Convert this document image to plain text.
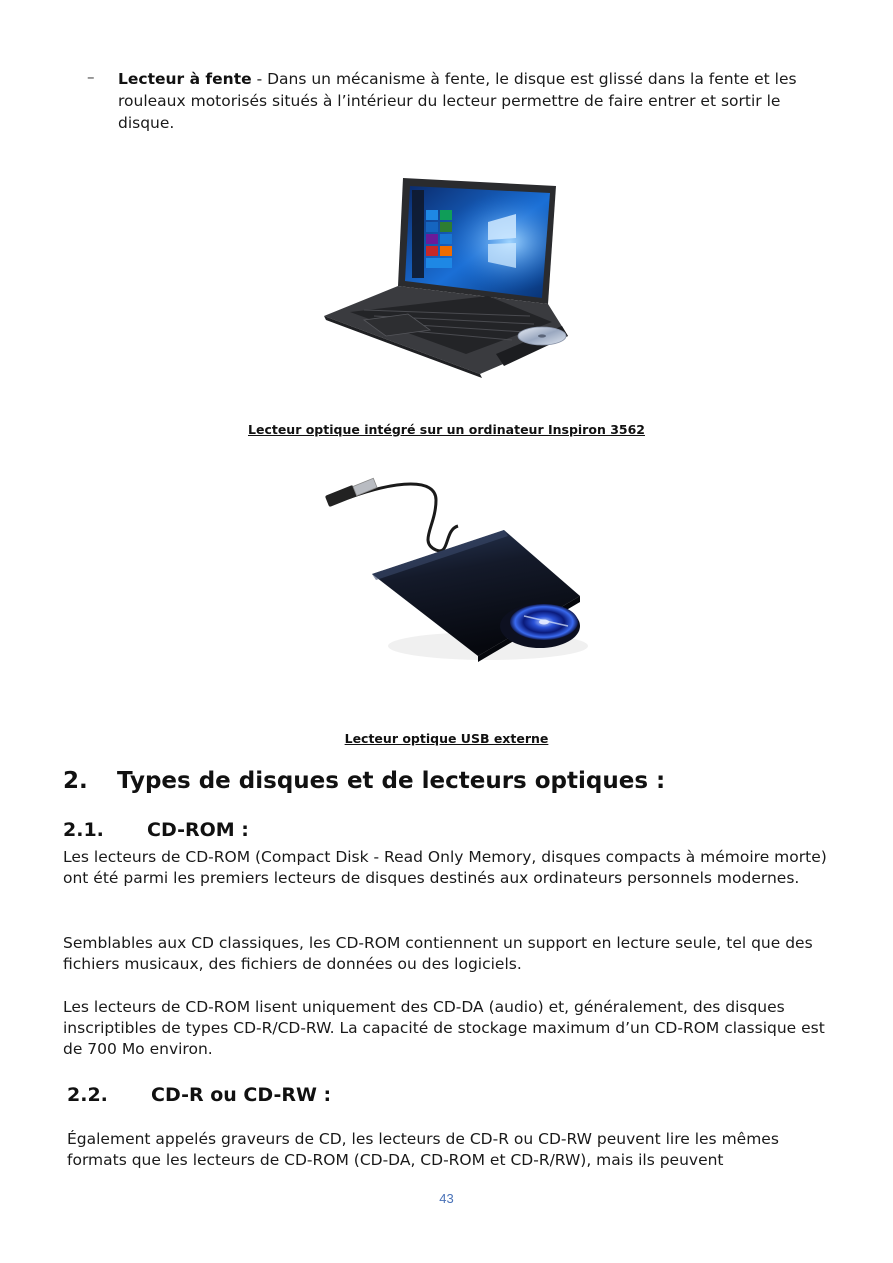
– Lecteur à fente - Dans un mécanisme à fente, le disque est glissé dans la fente et les rouleaux motorisés situés à l’intérieur du lecteur permettre de faire entrer et sortir le disque.
Lecteur optique intégré sur un ordinateur Inspiron 3562
Lecteur optique USB externe
2. Types de disques et de lecteurs optiques :
2.1. CD-ROM :
Les lecteurs de CD-ROM (Compact Disk - Read Only Memory, disques compacts à mémoire morte) ont été parmi les premiers lecteurs de disques destinés aux ordinateurs personnels modernes.
Semblables aux CD classiques, les CD-ROM contiennent un support en lecture seule, tel que des fichiers musicaux, des fichiers de données ou des logiciels.
Les lecteurs de CD-ROM lisent uniquement des CD-DA (audio) et, généralement, des disques inscriptibles de types CD-R/CD-RW. La capacité de stockage maximum d’un CD-ROM classique est de 700 Mo environ.
2.2. CD-R ou CD-RW :
Également appelés graveurs de CD, les lecteurs de CD-R ou CD-RW peuvent lire les mêmes formats que les lecteurs de CD-ROM (CD-DA, CD-ROM et CD-R/RW), mais ils peuvent
43
